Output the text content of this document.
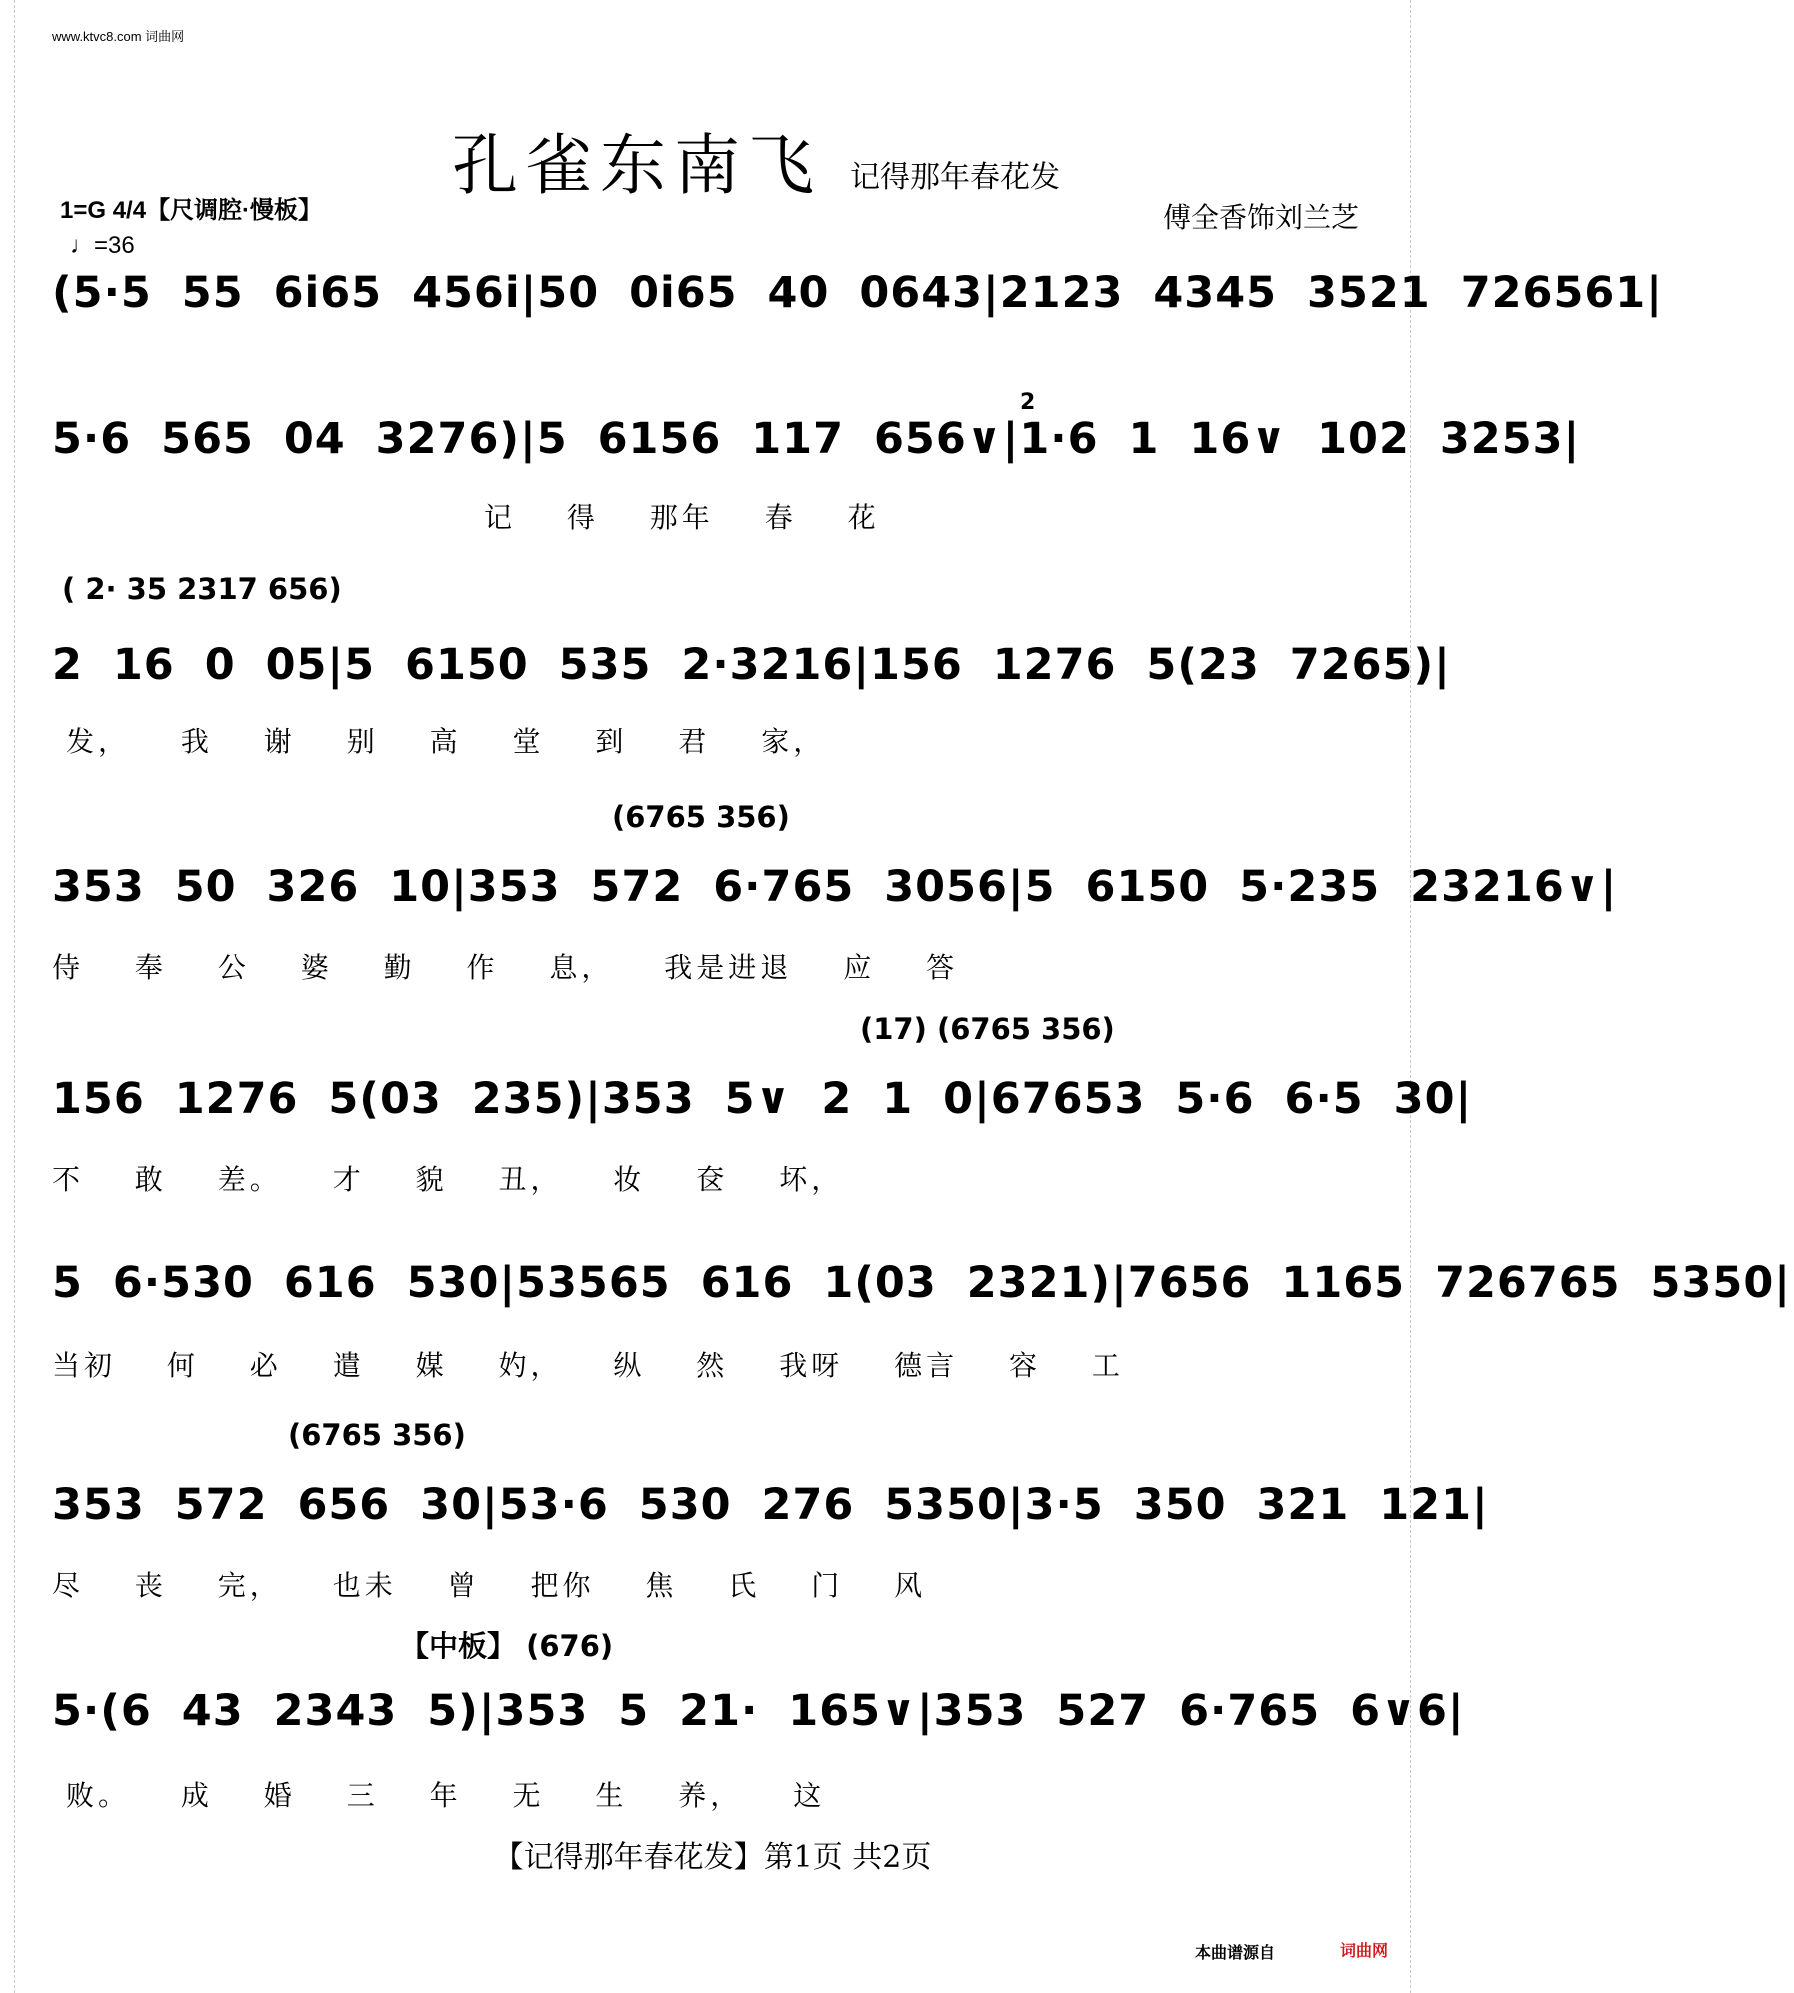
www.ktvc8.com 词曲网
孔雀东南飞 记得那年春花发
1=G 4/4【尺调腔·慢板】
♩=36
傅全香饰刘兰芝
(5·5 55 6i65 456i|50 0i65 40 0643|2123 4345 3521 726561|
2
5·6 565 04 3276)|5 6156 117 656∨|1·6 1 16∨ 102 3253|
记 得 那年 春 花
( 2· 35 2317 656)
2 16 0 05|5 6150 535 2·3216|156 1276 5(23 7265)|
发， 我 谢 别 高 堂 到 君 家，
(6765 356)
353 50 326 10|353 572 6·765 3056|5 6150 5·235 23216∨|
侍 奉 公 婆 勤 作 息， 我是进退 应 答
(17) (6765 356)
156 1276 5(03 235)|353 5∨ 2 1 0|67653 5·6 6·5 30|
不 敢 差。 才 貌 丑， 妆 奁 坏，
5 6·530 616 530|53565 616 1(03 2321)|7656 1165 726765 5350|
当初 何 必 遣 媒 妁， 纵 然 我呀 德言 容 工
(6765 356)
353 572 656 30|53·6 530 276 5350|3·5 350 321 121|
尽 丧 完， 也未 曾 把你 焦 氏 门 风
【中板】 (676)
5·(6 43 2343 5)|353 5 21· 165∨|353 527 6·765 6∨6|
败。 成 婚 三 年 无 生 养， 这
【记得那年春花发】第1页 共2页
本曲谱源自	词曲网
